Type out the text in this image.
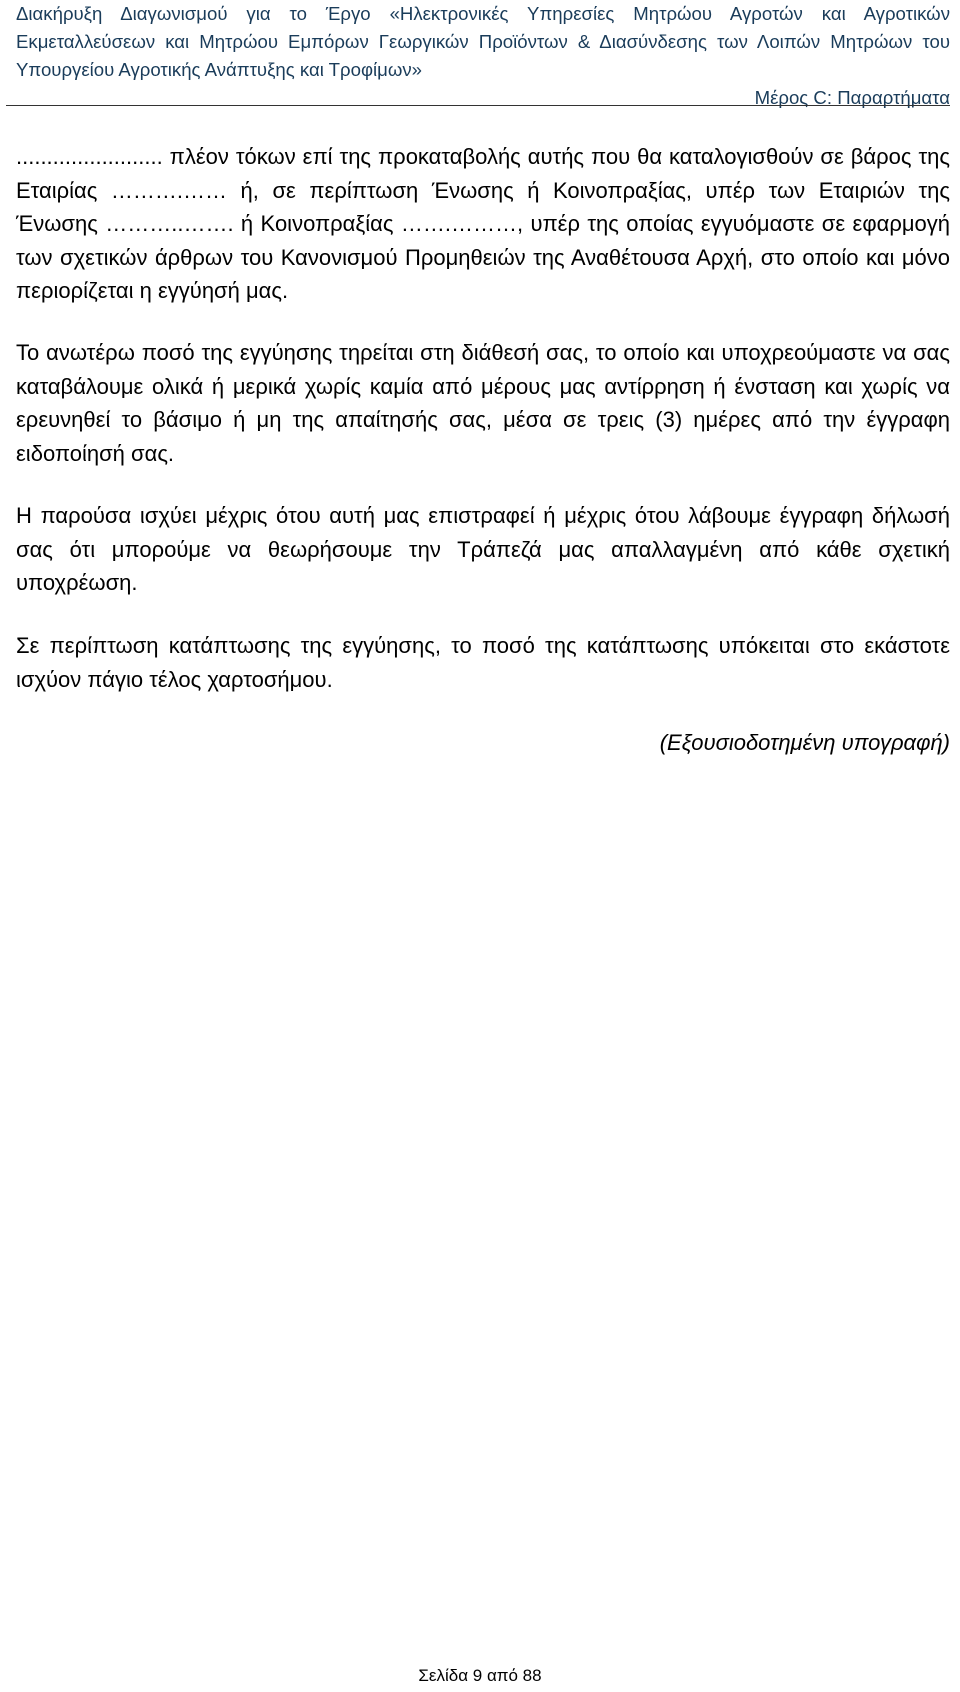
Διακήρυξη Διαγωνισμού για το Έργο «Ηλεκτρονικές Υπηρεσίες Μητρώου Αγροτών και Αγροτικών Εκμεταλλεύσεων και Μητρώου Εμπόρων Γεωργικών Προϊόντων & Διασύνδεσης των Λοιπών Μητρώων του Υπουργείου Αγροτικής Ανάπτυξης και Τροφίμων»
Μέρος C: Παραρτήματα

........................ πλέον τόκων επί της προκαταβολής αυτής που θα καταλογισθούν σε βάρος της Εταιρίας ……….…… ή, σε περίπτωση Ένωσης ή Κοινοπραξίας, υπέρ των Εταιριών της Ένωσης ………..……. ή Κοινοπραξίας …….………, υπέρ της οποίας εγγυόμαστε σε εφαρμογή των σχετικών άρθρων του Κανονισμού Προμηθειών της Αναθέτουσα Αρχή, στο οποίο και μόνο περιορίζεται η εγγύησή μας.

Το ανωτέρω ποσό της εγγύησης τηρείται στη διάθεσή σας, το οποίο και υποχρεούμαστε να σας καταβάλουμε ολικά ή μερικά χωρίς καμία από μέρους μας αντίρρηση ή ένσταση και χωρίς να ερευνηθεί το βάσιμο ή μη της απαίτησής σας, μέσα σε τρεις (3) ημέρες από την έγγραφη ειδοποίησή σας.

Η παρούσα ισχύει μέχρις ότου αυτή μας επιστραφεί ή μέχρις ότου λάβουμε έγγραφη δήλωσή σας ότι μπορούμε να θεωρήσουμε την Τράπεζά μας απαλλαγμένη από κάθε σχετική υποχρέωση.

Σε περίπτωση κατάπτωσης της εγγύησης, το ποσό της κατάπτωσης υπόκειται στο εκάστοτε ισχύον πάγιο τέλος χαρτοσήμου.

(Εξουσιοδοτημένη υπογραφή)
Σελίδα 9 από 88
